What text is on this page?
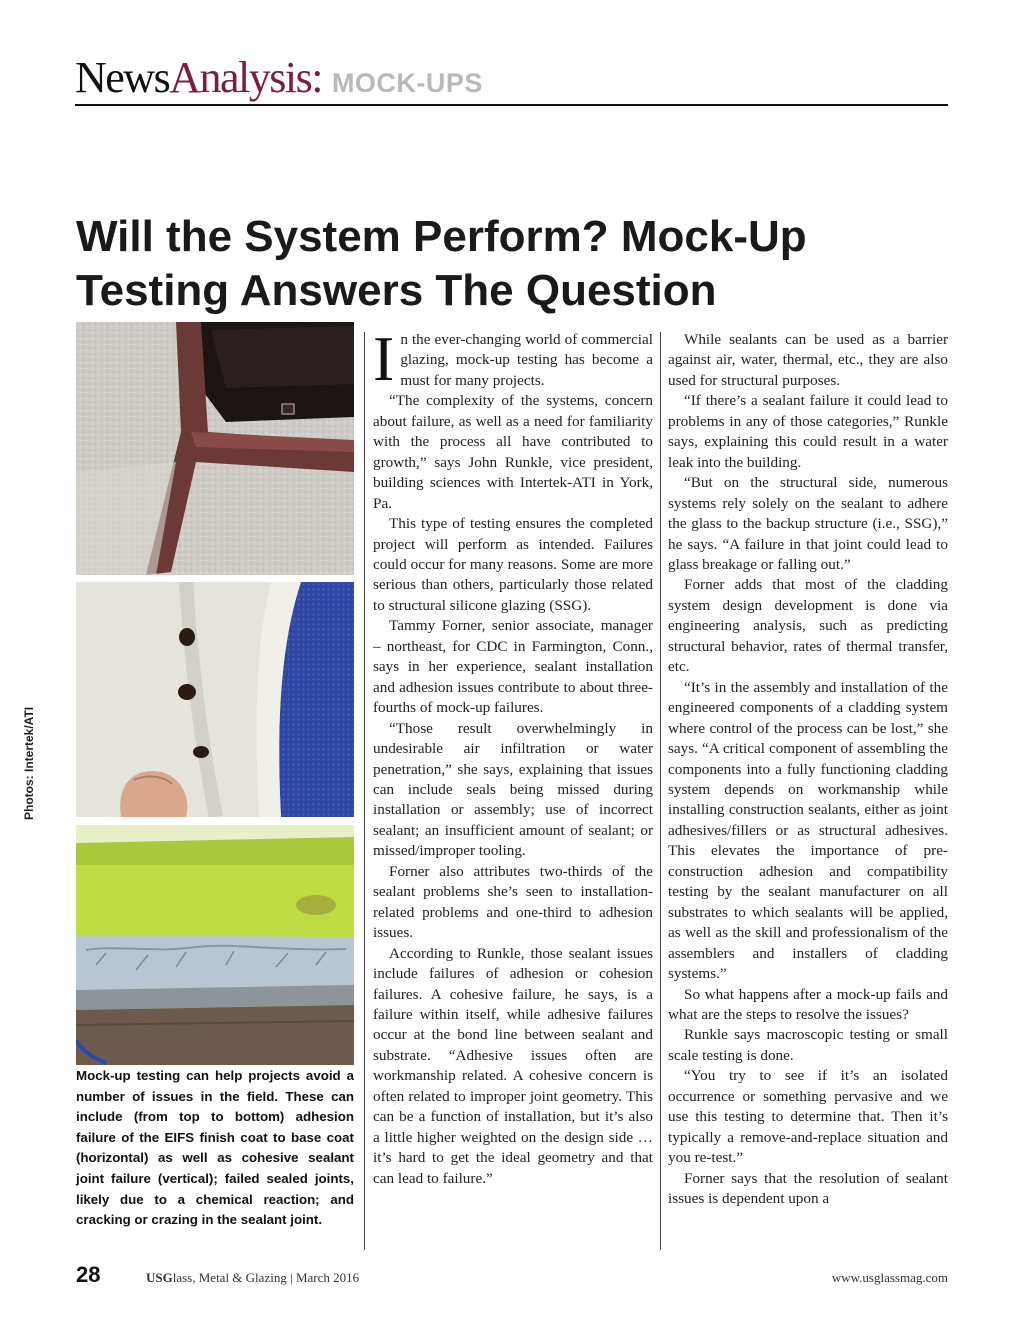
NewsAnalysis: MOCK-UPS
Will the System Perform? Mock-Up Testing Answers The Question
Photos: Intertek/ATI

Mock-up testing can help projects avoid a number of issues in the field. These can include (from top to bottom) adhesion failure of the EIFS finish coat to base coat (horizontal) as well as cohesive sealant joint failure (vertical); failed sealed joints, likely due to a chemical reaction; and cracking or crazing in the sealant joint.

In the ever-changing world of commercial glazing, mock-up testing has become a must for many projects.

“The complexity of the systems, concern about failure, as well as a need for familiarity with the process all have contributed to growth,” says John Runkle, vice president, building sciences with Intertek-ATI in York, Pa.

This type of testing ensures the completed project will perform as intended. Failures could occur for many reasons. Some are more serious than others, particularly those related to structural silicone glazing (SSG).

Tammy Forner, senior associate, manager – northeast, for CDC in Farmington, Conn., says in her experience, sealant installation and adhesion issues contribute to about three-fourths of mock-up failures.

“Those result overwhelmingly in undesirable air infiltration or water penetration,” she says, explaining that issues can include seals being missed during installation or assembly; use of incorrect sealant; an insufficient amount of sealant; or missed/improper tooling.

Forner also attributes two-thirds of the sealant problems she’s seen to installation-related problems and one-third to adhesion issues.

According to Runkle, those sealant issues include failures of adhesion or cohesion failures. A cohesive failure, he says, is a failure within itself, while adhesive failures occur at the bond line between sealant and substrate. “Adhesive issues often are workmanship related. A cohesive concern is often related to improper joint geometry. This can be a function of installation, but it’s also a little higher weighted on the design side … it’s hard to get the ideal geometry and that can lead to failure.”

While sealants can be used as a barrier against air, water, thermal, etc., they are also used for structural purposes.

“If there’s a sealant failure it could lead to problems in any of those categories,” Runkle says, explaining this could result in a water leak into the building.

“But on the structural side, numerous systems rely solely on the sealant to adhere the glass to the backup structure (i.e., SSG),” he says. “A failure in that joint could lead to glass breakage or falling out.”

Forner adds that most of the cladding system design development is done via engineering analysis, such as predicting structural behavior, rates of thermal transfer, etc.

“It’s in the assembly and installation of the engineered components of a cladding system where control of the process can be lost,” she says. “A critical component of assembling the components into a fully functioning cladding system depends on workmanship while installing construction sealants, either as joint adhesives/fillers or as structural adhesives. This elevates the importance of pre-construction adhesion and compatibility testing by the sealant manufacturer on all substrates to which sealants will be applied, as well as the skill and professionalism of the assemblers and installers of cladding systems.”

So what happens after a mock-up fails and what are the steps to resolve the issues?

Runkle says macroscopic testing or small scale testing is done.

“You try to see if it’s an isolated occurrence or something pervasive and we use this testing to determine that. Then it’s typically a remove-and-replace situation and you re-test.”

Forner says that the resolution of sealant issues is dependent upon a

28	USGlass, Metal & Glazing | March 2016	www.usglassmag.com
